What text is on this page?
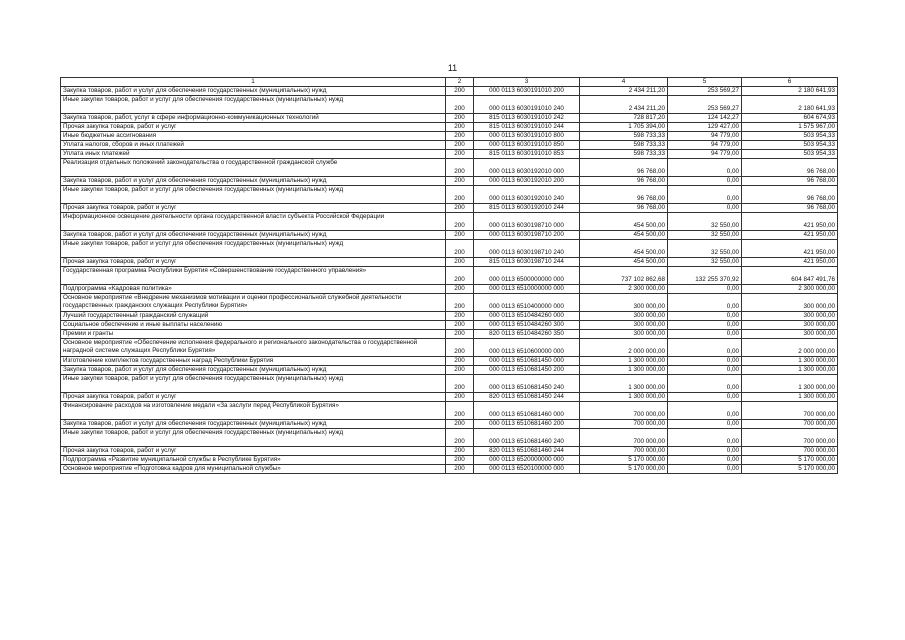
11
1	2	3	4	5	6
Закупка товаров, работ и услуг для обеспечения государственных (муниципальных) нужд	200	000 0113 6030191010 200	2 434 211,20	253 569,27	2 180 641,93
Иные закупки товаров, работ и услуг для обеспечения государственных (муниципальных) нужд	200	000 0113 6030191010 240	2 434 211,20	253 569,27	2 180 641,93
Закупка товаров, работ, услуг в сфере информационно-коммуникационных технологий	200	815 0113 6030191010 242	728 817,20	124 142,27	604 674,93
Прочая закупка товаров, работ и услуг	200	815 0113 6030191010 244	1 705 394,00	129 427,00	1 575 967,00
Иные бюджетные ассигнования	200	000 0113 6030191010 800	598 733,33	94 779,00	503 954,33
Уплата налогов, сборов и иных платежей	200	000 0113 6030191010 850	598 733,33	94 779,00	503 954,33
Уплата иных платежей	200	815 0113 6030191010 853	598 733,33	94 779,00	503 954,33
Реализация отдельных положений законодательства о государственной гражданской службе	200	000 0113 6030192010 000	96 768,00	0,00	96 768,00
Закупка товаров, работ и услуг для обеспечения государственных (муниципальных) нужд	200	000 0113 6030192010 200	96 768,00	0,00	96 768,00
Иные закупки товаров, работ и услуг для обеспечения государственных (муниципальных) нужд	200	000 0113 6030192010 240	96 768,00	0,00	96 768,00
Прочая закупка товаров, работ и услуг	200	815 0113 6030192010 244	96 768,00	0,00	96 768,00
Информационное освещение деятельности органа государственной власти субъекта Российской Федерации	200	000 0113 6030198710 000	454 500,00	32 550,00	421 950,00
Закупка товаров, работ и услуг для обеспечения государственных (муниципальных) нужд	200	000 0113 6030198710 200	454 500,00	32 550,00	421 950,00
Иные закупки товаров, работ и услуг для обеспечения государственных (муниципальных) нужд	200	000 0113 6030198710 240	454 500,00	32 550,00	421 950,00
Прочая закупка товаров, работ и услуг	200	815 0113 6030198710 244	454 500,00	32 550,00	421 950,00
Государственная программа Республики Бурятия «Совершенствование государственного управления»	200	000 0113 6500000000 000	737 102 862,68	132 255 370,92	604 847 491,76
Подпрограмма «Кадровая политика»	200	000 0113 6510000000 000	2 300 000,00	0,00	2 300 000,00
Основное мероприятие «Внедрение механизмов мотивации и оценки профессиональной служебной деятельности государственных гражданских служащих Республики Бурятия»	200	000 0113 6510400000 000	300 000,00	0,00	300 000,00
Лучший государственный гражданский служащий	200	000 0113 6510484260 000	300 000,00	0,00	300 000,00
Социальное обеспечение и иные выплаты населению	200	000 0113 6510484260 300	300 000,00	0,00	300 000,00
Премии и гранты	200	820 0113 6510484260 350	300 000,00	0,00	300 000,00
Основное мероприятие «Обеспечение исполнения федерального и регионального законодательства о государственной наградной системе служащих Республики Бурятия»	200	000 0113 6510600000 000	2 000 000,00	0,00	2 000 000,00
Изготовление комплектов государственных наград Республики Бурятия	200	000 0113 6510681450 000	1 300 000,00	0,00	1 300 000,00
Закупка товаров, работ и услуг для обеспечения государственных (муниципальных) нужд	200	000 0113 6510681450 200	1 300 000,00	0,00	1 300 000,00
Иные закупки товаров, работ и услуг для обеспечения государственных (муниципальных) нужд	200	000 0113 6510681450 240	1 300 000,00	0,00	1 300 000,00
Прочая закупка товаров, работ и услуг	200	820 0113 6510681450 244	1 300 000,00	0,00	1 300 000,00
Финансирование расходов на изготовление медали «За заслуги перед Республикой Бурятия»	200	000 0113 6510681460 000	700 000,00	0,00	700 000,00
Закупка товаров, работ и услуг для обеспечения государственных (муниципальных) нужд	200	000 0113 6510681460 200	700 000,00	0,00	700 000,00
Иные закупки товаров, работ и услуг для обеспечения государственных (муниципальных) нужд	200	000 0113 6510681460 240	700 000,00	0,00	700 000,00
Прочая закупка товаров, работ и услуг	200	820 0113 6510681460 244	700 000,00	0,00	700 000,00
Подпрограмма «Развитие муниципальной службы в Республике Бурятия»	200	000 0113 6520000000 000	5 170 000,00	0,00	5 170 000,00
Основное мероприятие «Подготовка кадров для муниципальной службы»	200	000 0113 6520100000 000	5 170 000,00	0,00	5 170 000,00
